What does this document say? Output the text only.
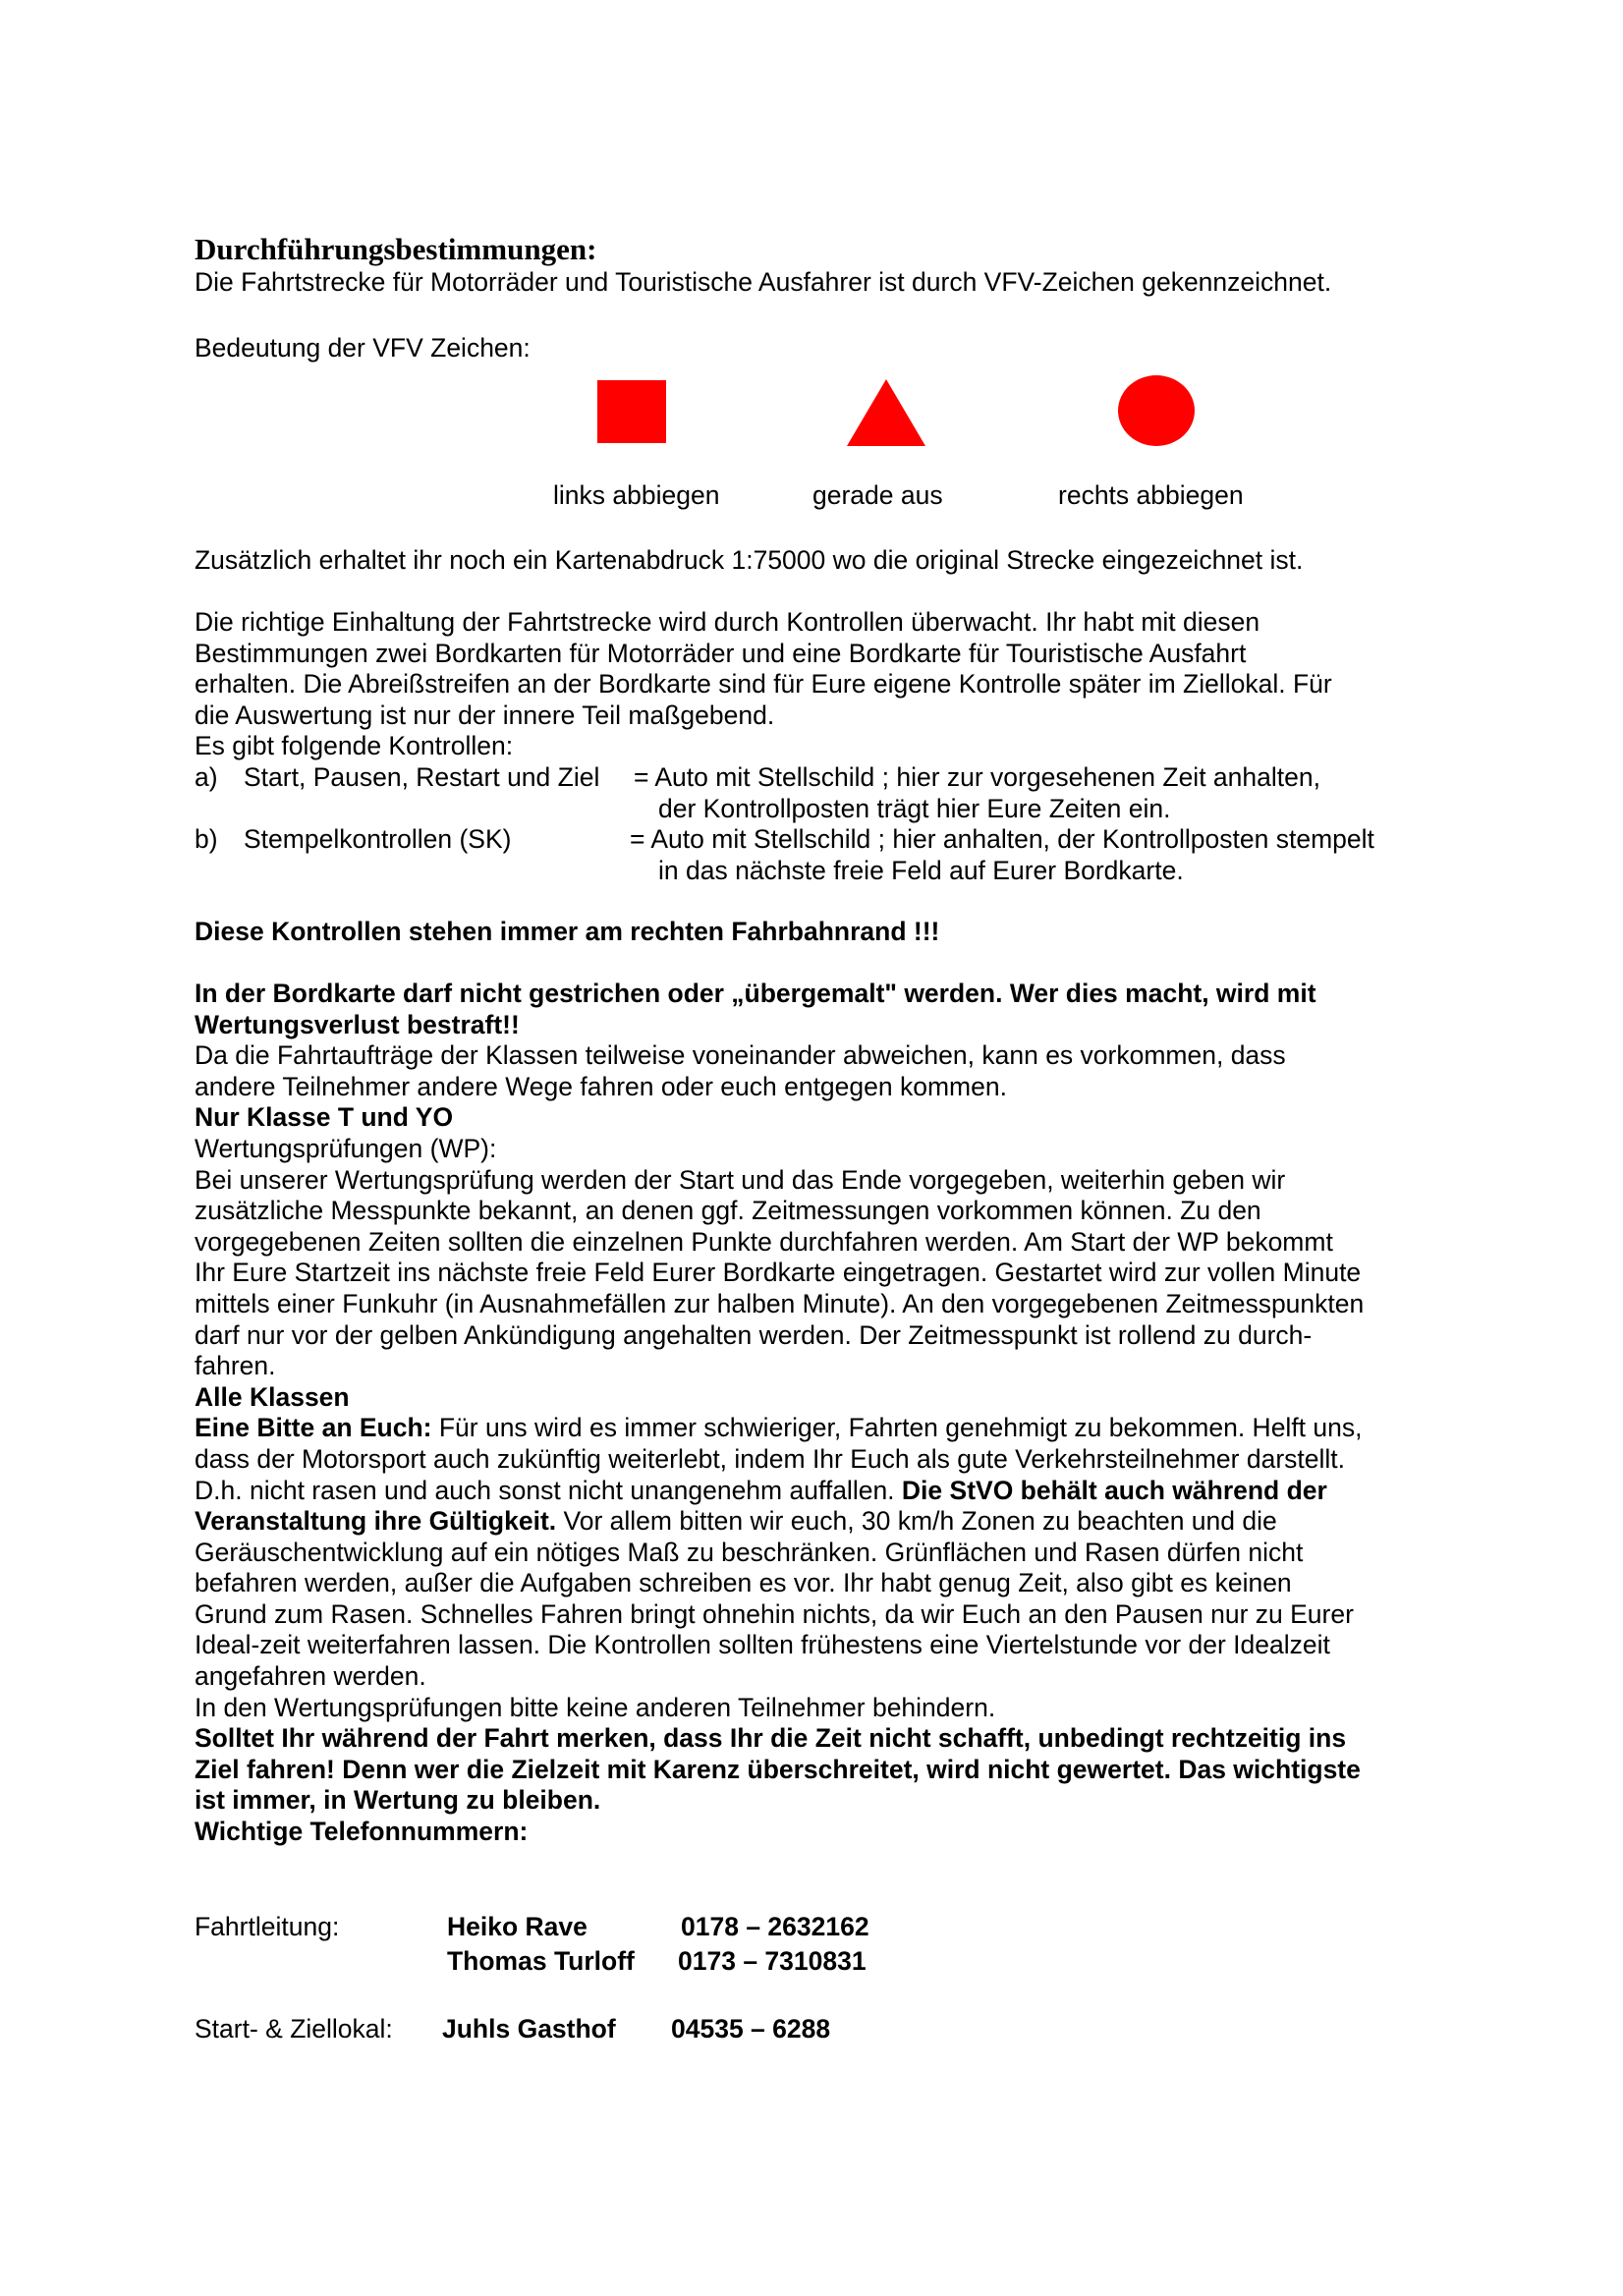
Durchführungsbestimmungen:

Die Fahrtstrecke für Motorräder und Touristische Ausfahrer ist durch VFV-Zeichen gekennzeichnet.

Bedeutung der VFV Zeichen:
links abbiegen	gerade aus	rechts abbiegen
Zusätzlich erhaltet ihr noch ein Kartenabdruck 1:75000 wo die original Strecke eingezeichnet ist.

Die richtige Einhaltung der Fahrtstrecke wird durch Kontrollen überwacht. Ihr habt mit diesen

Bestimmungen zwei Bordkarten für Motorräder und eine Bordkarte für Touristische Ausfahrt

erhalten. Die Abreißstreifen an der Bordkarte sind für Eure eigene Kontrolle später im Ziellokal. Für

die Auswertung ist nur der innere Teil maßgebend.

Es gibt folgende Kontrollen:

a) Start, Pausen, Restart und Ziel = Auto mit Stellschild ; hier zur vorgesehenen Zeit anhalten,
der Kontrollposten trägt hier Eure Zeiten ein.
b) Stempelkontrollen (SK)	= Auto mit Stellschild ; hier anhalten, der Kontrollposten stempelt
in das nächste freie Feld auf Eurer Bordkarte.
Diese Kontrollen stehen immer am rechten Fahrbahnrand !!!

In der Bordkarte darf nicht gestrichen oder „übergemalt" werden. Wer dies macht, wird mit

Wertungsverlust bestraft!!

Da die Fahrtaufträge der Klassen teilweise voneinander abweichen, kann es vorkommen, dass

andere Teilnehmer andere Wege fahren oder euch entgegen kommen.

Nur Klasse T und YO

Wertungsprüfungen (WP):

Bei unserer Wertungsprüfung werden der Start und das Ende vorgegeben, weiterhin geben wir

zusätzliche Messpunkte bekannt, an denen ggf. Zeitmessungen vorkommen können. Zu den

vorgegebenen Zeiten sollten die einzelnen Punkte durchfahren werden. Am Start der WP bekommt

Ihr Eure Startzeit ins nächste freie Feld Eurer Bordkarte eingetragen. Gestartet wird zur vollen Minute

mittels einer Funkuhr (in Ausnahmefällen zur halben Minute). An den vorgegebenen Zeitmesspunkten

darf nur vor der gelben Ankündigung angehalten werden. Der Zeitmesspunkt ist rollend zu durch-

fahren.

Alle Klassen

Eine Bitte an Euch: Für uns wird es immer schwieriger, Fahrten genehmigt zu bekommen. Helft uns,

dass der Motorsport auch zukünftig weiterlebt, indem Ihr Euch als gute Verkehrsteilnehmer darstellt.

D.h. nicht rasen und auch sonst nicht unangenehm auffallen. Die StVO behält auch während der

Veranstaltung ihre Gültigkeit. Vor allem bitten wir euch, 30 km/h Zonen zu beachten und die

Geräuschentwicklung auf ein nötiges Maß zu beschränken. Grünflächen und Rasen dürfen nicht

befahren werden, außer die Aufgaben schreiben es vor. Ihr habt genug Zeit, also gibt es keinen

Grund zum Rasen. Schnelles Fahren bringt ohnehin nichts, da wir Euch an den Pausen nur zu Eurer

Ideal-zeit weiterfahren lassen. Die Kontrollen sollten frühestens eine Viertelstunde vor der Idealzeit

angefahren werden.

In den Wertungsprüfungen bitte keine anderen Teilnehmer behindern.

Solltet Ihr während der Fahrt merken, dass Ihr die Zeit nicht schafft, unbedingt rechtzeitig ins

Ziel fahren! Denn wer die Zielzeit mit Karenz überschreitet, wird nicht gewertet. Das wichtigste

ist immer, in Wertung zu bleiben.

Wichtige Telefonnummern:

Fahrtleitung:	Heiko Rave	0178 – 2632162
Thomas Turloff 0173 – 7310831
Start- & Ziellokal: Juhls Gasthof 04535 – 6288
